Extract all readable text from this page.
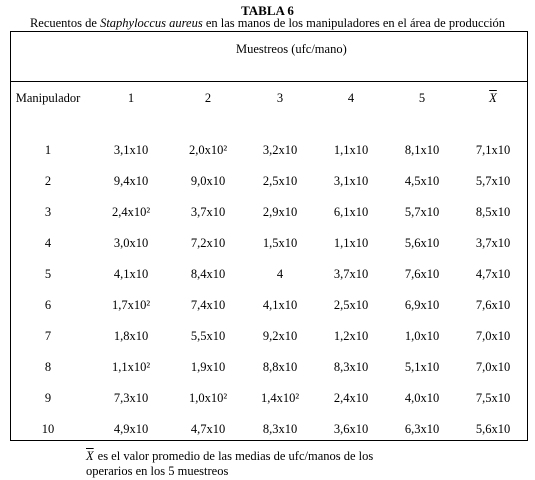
TABLA 6
Recuentos de Staphyloccus aureus en las manos de los manipuladores en el área de producción
Muestreos (ufc/mano)
Manipulador	1	2	3	4	5	$\overline{X}$
1	3,1x10	2,0x10²	3,2x10	1,1x10	8,1x10	7,1x10
2	9,4x10	9,0x10	2,5x10	3,1x10	4,5x10	5,7x10
3	2,4x10²	3,7x10	2,9x10	6,1x10	5,7x10	8,5x10
4	3,0x10	7,2x10	1,5x10	1,1x10	5,6x10	3,7x10
5	4,1x10	8,4x10	4	3,7x10	7,6x10	4,7x10
6	1,7x10²	7,4x10	4,1x10	2,5x10	6,9x10	7,6x10
7	1,8x10	5,5x10	9,2x10	1,2x10	1,0x10	7,0x10
8	1,1x10²	1,9x10	8,8x10	8,3x10	5,1x10	7,0x10
9	7,3x10	1,0x10²	1,4x10²	2,4x10	4,0x10	7,5x10
10	4,9x10	4,7x10	8,3x10	3,6x10	6,3x10	5,6x10
$\overline{X}$ es el valor promedio de las medias de ufc/manos de los
operarios en los 5 muestreos
